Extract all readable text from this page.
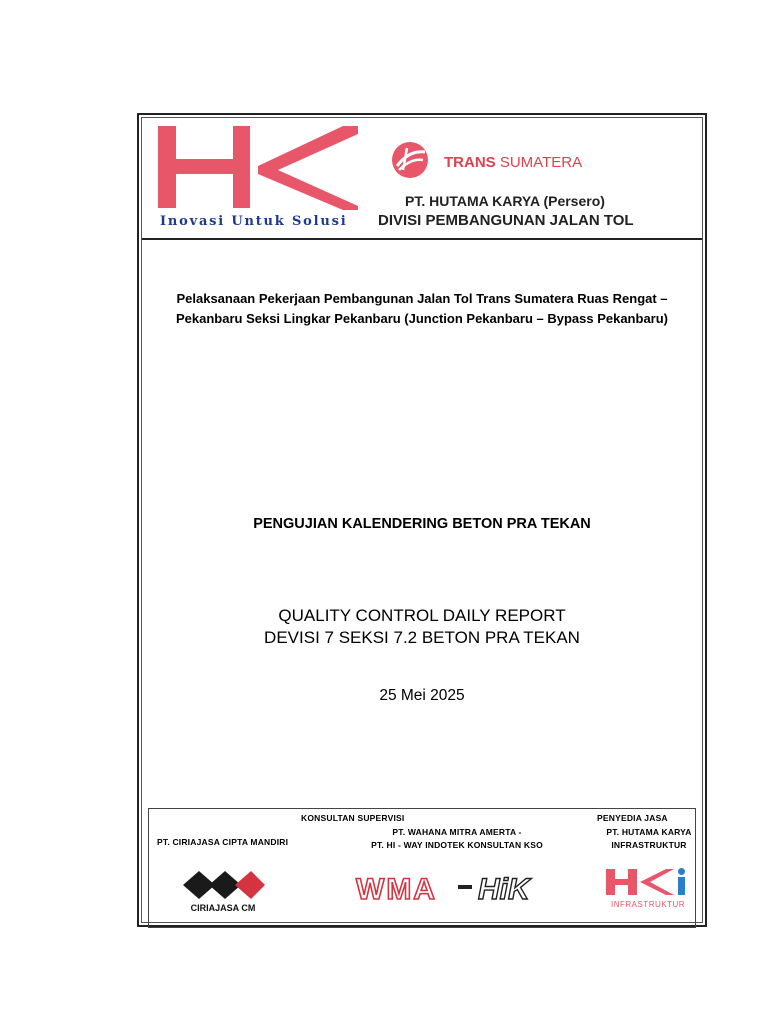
Inovasi Untuk Solusi
TRANS SUMATERA
PT. HUTAMA KARYA (Persero)
DIVISI PEMBANGUNAN JALAN TOL
Pelaksanaan Pekerjaan Pembangunan Jalan Tol Trans Sumatera Ruas Rengat –
Pekanbaru Seksi Lingkar Pekanbaru (Junction Pekanbaru – Bypass Pekanbaru)
PENGUJIAN KALENDERING BETON PRA TEKAN
QUALITY CONTROL DAILY REPORT
DEVISI 7 SEKSI 7.2 BETON PRA TEKAN
25 Mei 2025
KONSULTAN SUPERVISI	PENYEDIA JASA
PT. CIRIAJASA CIPTA MANDIRI
PT. WAHANA MITRA AMERTA -
PT. HI - WAY INDOTEK KONSULTAN KSO
PT. HUTAMA KARYA
INFRASTRUKTUR
CIRIAJASA CM
WMA HiK	INFRASTRUKTUR
